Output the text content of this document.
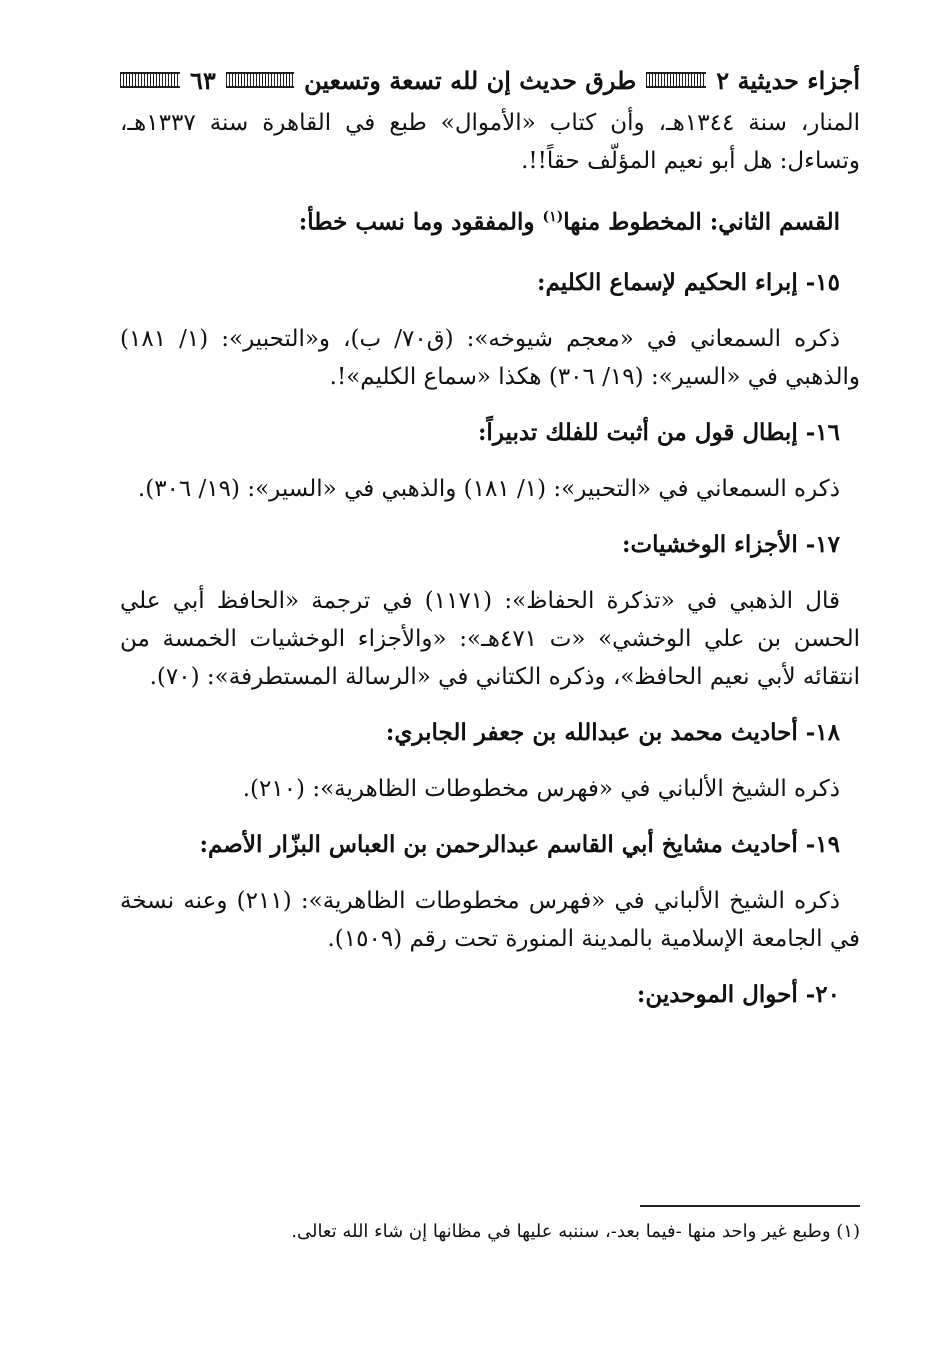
أجزاء حديثية ٢
طرق حديث إن لله تسعة وتسعين
٦٣

المنار، سنة ١٣٤٤هـ، وأن كتاب «الأموال» طبع في القاهرة سنة ١٣٣٧هـ، وتساءل: هل أبو نعيم المؤلّف حقاً!!.

القسم الثاني: المخطوط منها$^{(١)}$ والمفقود وما نسب خطأ:
١٥- إبراء الحكيم لإسماع الكليم:

ذكره السمعاني في «معجم شيوخه»: (ق٧٠/ ب)، و«التحبير»: (١/ ١٨١) والذهبي في «السير»: (١٩/ ٣٠٦) هكذا «سماع الكليم»!.

١٦- إبطال قول من أثبت للفلك تدبيراً:

ذكره السمعاني في «التحبير»: (١/ ١٨١) والذهبي في «السير»: (١٩/ ٣٠٦).

١٧- الأجزاء الوخشيات:

قال الذهبي في «تذكرة الحفاظ»: (١١٧١) في ترجمة «الحافظ أبي علي الحسن بن علي الوخشي» «ت ٤٧١هـ»: «والأجزاء الوخشيات الخمسة من انتقائه لأبي نعيم الحافظ»، وذكره الكتاني في «الرسالة المستطرفة»: (٧٠).

١٨- أحاديث محمد بن عبدالله بن جعفر الجابري:

ذكره الشيخ الألباني في «فهرس مخطوطات الظاهرية»: (٢١٠).

١٩- أحاديث مشايخ أبي القاسم عبدالرحمن بن العباس البزّار الأصم:

ذكره الشيخ الألباني في «فهرس مخطوطات الظاهرية»: (٢١١) وعنه نسخة في الجامعة الإسلامية بالمدينة المنورة تحت رقم (١٥٠٩).

٢٠- أحوال الموحدين:
(١) وطبع غير واحد منها -فيما بعد-، سننبه عليها في مظانها إن شاء الله تعالى.
